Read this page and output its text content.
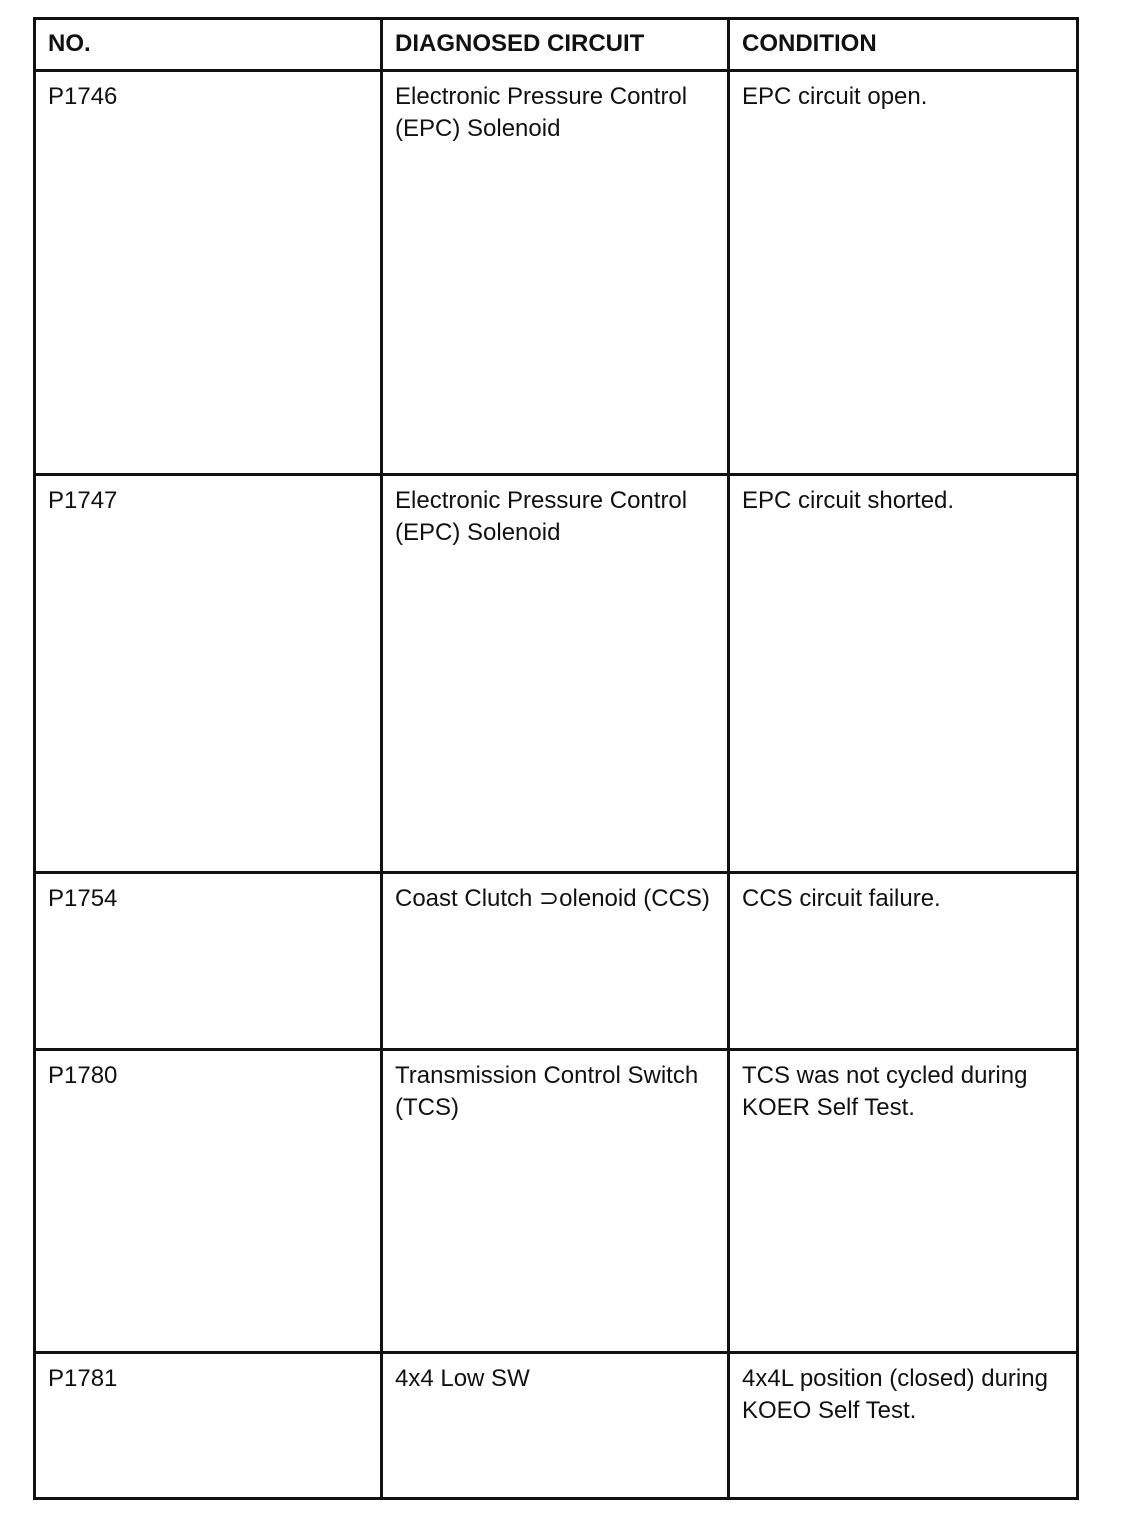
NO.	DIAGNOSED CIRCUIT	CONDITION
P1746	Electronic Pressure Control (EPC) Solenoid	EPC circuit open.
P1747	Electronic Pressure Control (EPC) Solenoid	EPC circuit shorted.
P1754	Coast Clutch ⊃olenoid (CCS)	CCS circuit failure.
P1780	Transmission Control Switch (TCS)	TCS was not cycled during KOER Self Test.
P1781	4x4 Low SW	4x4L position (closed) during KOEO Self Test.
